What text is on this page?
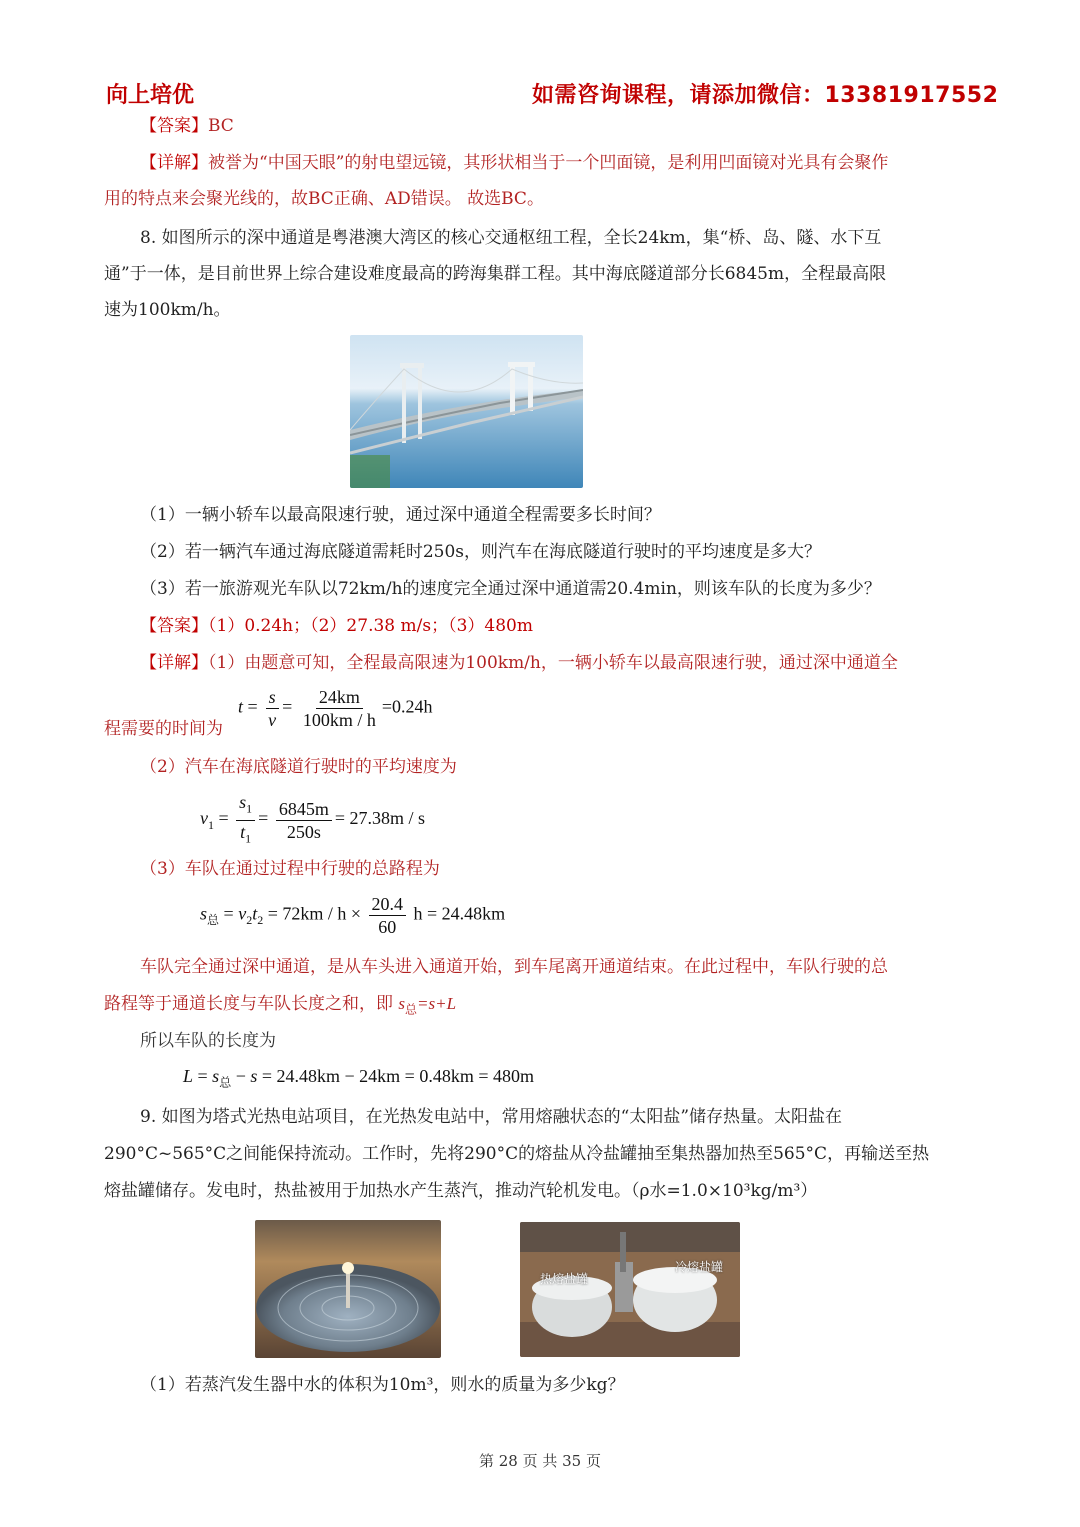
向上培优	如需咨询课程，请添加微信：13381917552
【答案】BC
【详解】被誉为“中国天眼”的射电望远镜，其形状相当于一个凹面镜，是利用凹面镜对光具有会聚作
用的特点来会聚光线的，故BC正确、AD错误。 故选BC。
8. 如图所示的深中通道是粤港澳大湾区的核心交通枢纽工程，全长24km，集“桥、岛、隧、水下互
通”于一体，是目前世界上综合建设难度最高的跨海集群工程。其中海底隧道部分长6845m，全程最高限
速为100km/h。
（1）一辆小轿车以最高限速行驶，通过深中通道全程需要多长时间？
（2）若一辆汽车通过海底隧道需耗时250s，则汽车在海底隧道行驶时的平均速度是多大？
（3）若一旅游观光车队以72km/h的速度完全通过深中通道需20.4min，则该车队的长度为多少？
【答案】（1）0.24h；（2）27.38 m/s；（3）480m
【详解】（1）由题意可知，全程最高限速为100km/h，一辆小轿车以最高限速行驶，通过深中通道全
程需要的时间为
$t = \frac{s}{v} = \frac{24km}{100km / h} =0.24h$
（2）汽车在海底隧道行驶时的平均速度为
$v_1 = \frac{s_1}{t_1} = \frac{6845m}{250s} = 27.38m / s$
（3）车队在通过过程中行驶的总路程为
$s_总 = v_2t_2 = 72km / h \times \frac{20.4}{60}$ h = 24.48km
车队完全通过深中通道，是从车头进入通道开始，到车尾离开通道结束。在此过程中，车队行驶的总
路程等于通道长度与车队长度之和，即 $s_总=s+L$
所以车队的长度为
$L = s_总 - s = 24.48km - 24km = 0.48km = 480m$
9. 如图为塔式光热电站项目，在光热发电站中，常用熔融状态的“太阳盐”储存热量。太阳盐在
290°C~565°C之间能保持流动。工作时，先将290°C的熔盐从冷盐罐抽至集热器加热至565°C，再输送至热
熔盐罐储存。发电时，热盐被用于加热水产生蒸汽，推动汽轮机发电。（ρ水=1.0×10³kg/m³）
热熔盐罐
冷熔盐罐
（1）若蒸汽发生器中水的体积为10m³，则水的质量为多少kg？
第 28 页 共 35 页
